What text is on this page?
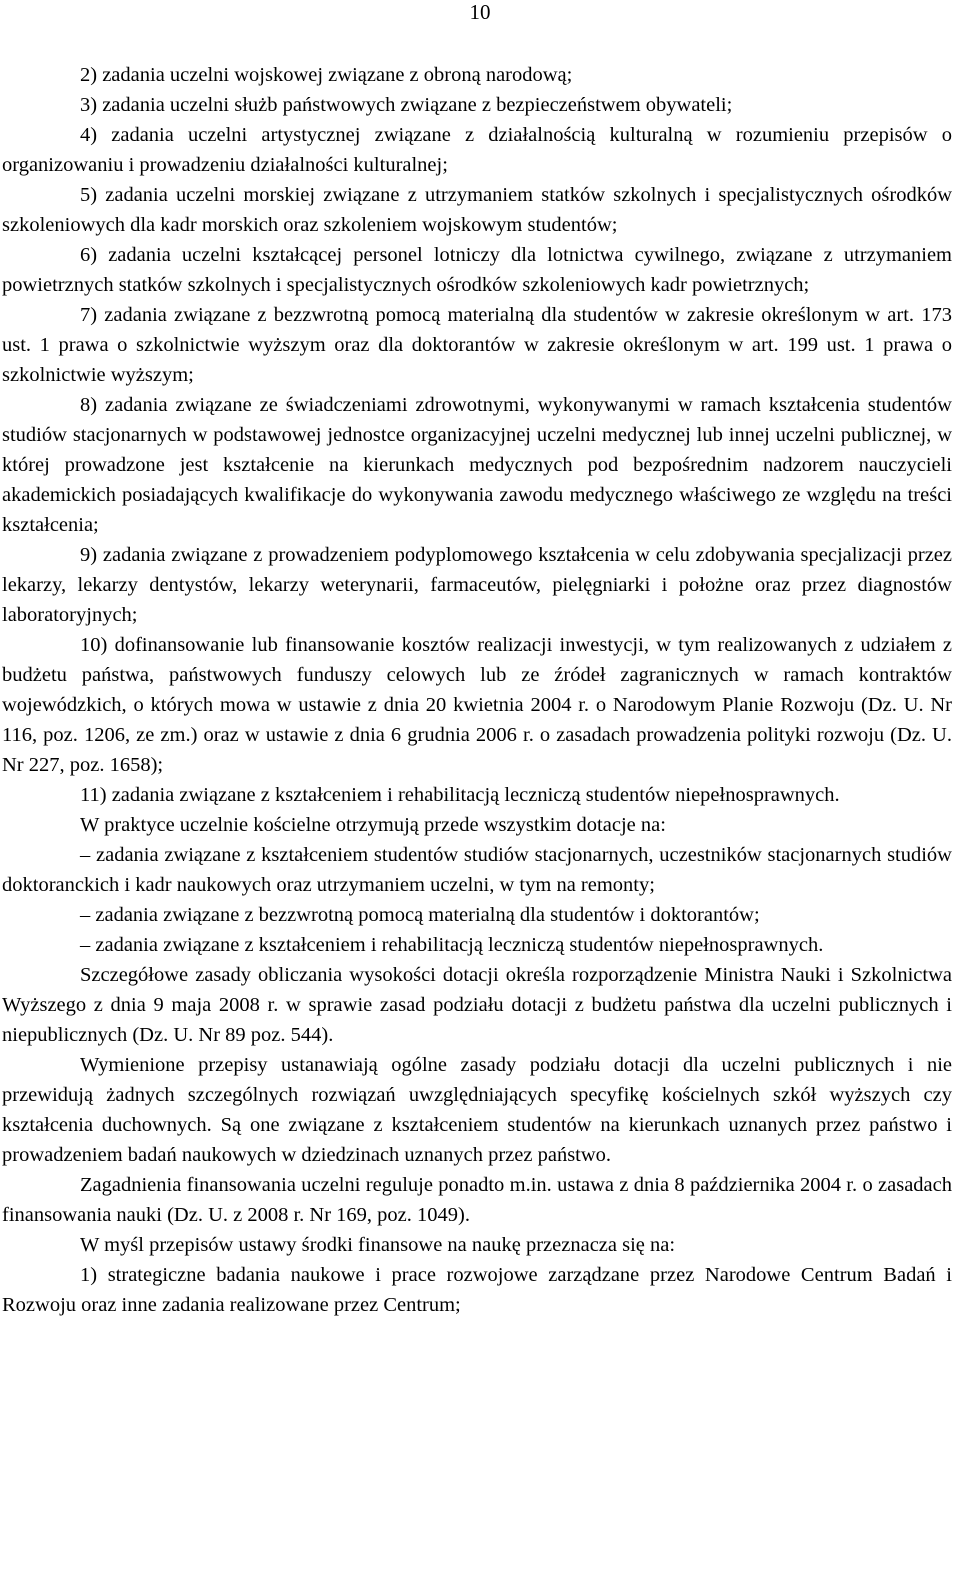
10

2) zadania uczelni wojskowej związane z obroną narodową;

3) zadania uczelni służb państwowych związane z bezpieczeństwem obywateli;

4) zadania uczelni artystycznej związane z działalnością kulturalną w rozumieniu przepisów o organizowaniu i prowadzeniu działalności kulturalnej;

5) zadania uczelni morskiej związane z utrzymaniem statków szkolnych i specjalistycznych ośrodków szkoleniowych dla kadr morskich oraz szkoleniem wojskowym studentów;

6) zadania uczelni kształcącej personel lotniczy dla lotnictwa cywilnego, związane z utrzymaniem powietrznych statków szkolnych i specjalistycznych ośrodków szkoleniowych kadr powietrznych;

7) zadania związane z bezzwrotną pomocą materialną dla studentów w zakresie określonym w art. 173 ust. 1 prawa o szkolnictwie wyższym oraz dla doktorantów w zakresie określonym w art. 199 ust. 1 prawa o szkolnictwie wyższym;

8) zadania związane ze świadczeniami zdrowotnymi, wykonywanymi w ramach kształcenia studentów studiów stacjonarnych w podstawowej jednostce organizacyjnej uczelni medycznej lub innej uczelni publicznej, w której prowadzone jest kształcenie na kierunkach medycznych pod bezpośrednim nadzorem nauczycieli akademickich posiadających kwalifikacje do wykonywania zawodu medycznego właściwego ze względu na treści kształcenia;

9) zadania związane z prowadzeniem podyplomowego kształcenia w celu zdobywania specjalizacji przez lekarzy, lekarzy dentystów, lekarzy weterynarii, farmaceutów, pielęgniarki i położne oraz przez diagnostów laboratoryjnych;

10) dofinansowanie lub finansowanie kosztów realizacji inwestycji, w tym realizowanych z udziałem z budżetu państwa, państwowych funduszy celowych lub ze źródeł zagranicznych w ramach kontraktów wojewódzkich, o których mowa w ustawie z dnia 20 kwietnia 2004 r. o Narodowym Planie Rozwoju (Dz. U. Nr 116, poz. 1206, ze zm.) oraz w ustawie z dnia 6 grudnia 2006 r. o zasadach prowadzenia polityki rozwoju (Dz. U. Nr 227, poz. 1658);

11) zadania związane z kształceniem i rehabilitacją leczniczą studentów niepełnosprawnych.

W praktyce uczelnie kościelne otrzymują przede wszystkim dotacje na:

– zadania związane z kształceniem studentów studiów stacjonarnych, uczestników stacjonarnych studiów doktoranckich i kadr naukowych oraz utrzymaniem uczelni, w tym na remonty;

– zadania związane z bezzwrotną pomocą materialną dla studentów i doktorantów;

– zadania związane z kształceniem i rehabilitacją leczniczą studentów niepełnosprawnych.

Szczegółowe zasady obliczania wysokości dotacji określa rozporządzenie Ministra Nauki i Szkolnictwa Wyższego z dnia 9 maja 2008 r. w sprawie zasad podziału dotacji z budżetu państwa dla uczelni publicznych i niepublicznych (Dz. U. Nr 89 poz. 544).

Wymienione przepisy ustanawiają ogólne zasady podziału dotacji dla uczelni publicznych i nie przewidują żadnych szczególnych rozwiązań uwzględniających specyfikę kościelnych szkół wyższych czy kształcenia duchownych. Są one związane z kształceniem studentów na kierunkach uznanych przez państwo i prowadzeniem badań naukowych w dziedzinach uznanych przez państwo.

Zagadnienia finansowania uczelni reguluje ponadto m.in. ustawa z dnia 8 października 2004 r. o zasadach finansowania nauki (Dz. U. z 2008 r. Nr 169, poz. 1049).

W myśl przepisów ustawy środki finansowe na naukę przeznacza się na:

1) strategiczne badania naukowe i prace rozwojowe zarządzane przez Narodowe Centrum Badań i Rozwoju oraz inne zadania realizowane przez Centrum;
